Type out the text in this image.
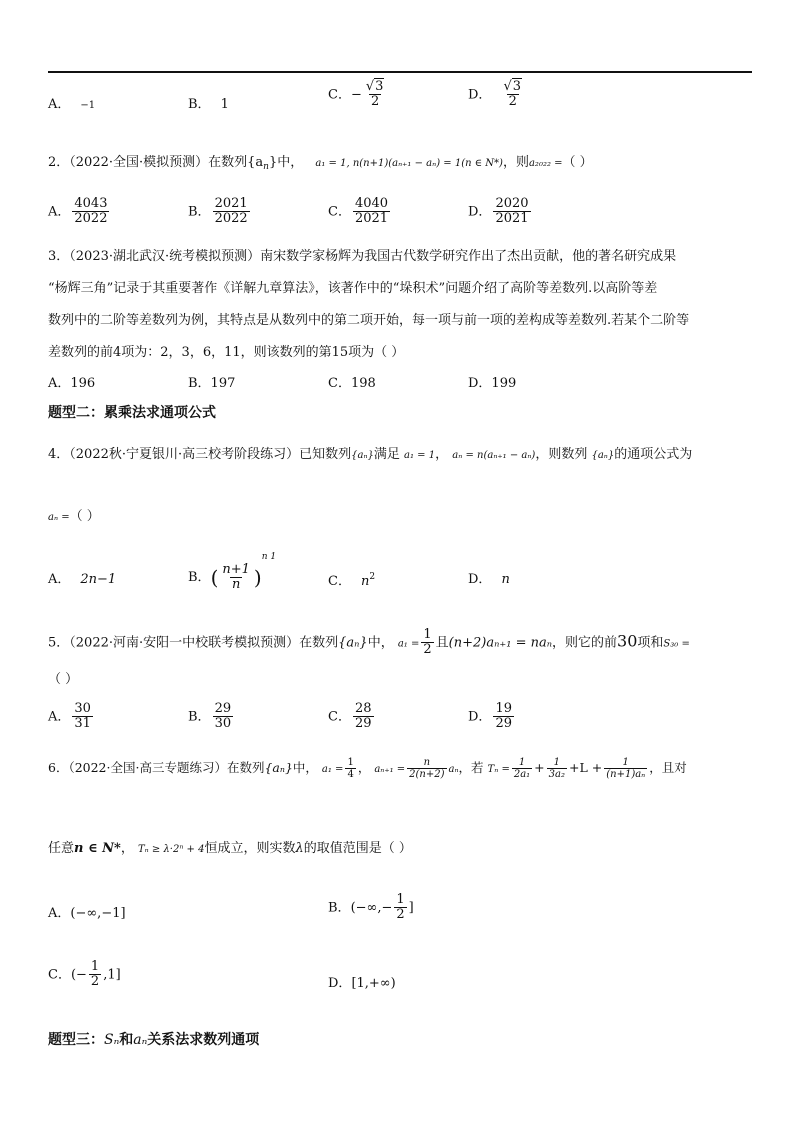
A． −1	B． 1
C．− $\frac{√3}{2}$	D． $\frac{√3}{2}$
2．（2022·全国·模拟预测）在数列$\{a_n\}$中， a₁ = 1, n(n+1)(aₙ₊₁ − aₙ) = 1(n ∈ N*)，则a₂₀₂₂ =（ ）
A． $\frac{4043}{2022}$	B． $\frac{2021}{2022}$	C． $\frac{4040}{2021}$	D． $\frac{2020}{2021}$
3．（2023·湖北武汉·统考模拟预测）南宋数学家杨辉为我国古代数学研究作出了杰出贡献，他的著名研究成果
“杨辉三角”记录于其重要著作《详解九章算法》，该著作中的“垛积术”问题介绍了高阶等差数列.以高阶等差
数列中的二阶等差数列为例，其特点是从数列中的第二项开始，每一项与前一项的差构成等差数列.若某个二阶等
差数列的前4项为：2，3，6，11，则该数列的第15项为（ ）
A．196	B．197	C．198	D．199
题型二：累乘法求通项公式
4．（2022秋·宁夏银川·高三校考阶段练习）已知数列{aₙ}满足 a₁ = 1， aₙ = n(aₙ₊₁ − aₙ)，则数列 {aₙ}的通项公式为
aₙ =（ ）
A． 2n−1	B．( $\frac{n+1}{n} )^{n 1}$
C． $n^2$	D． n
5．（2022·河南·安阳一中校联考模拟预测）在数列{aₙ}中， $a_1 = \frac{1}{2}$ 且(n+2)aₙ₊₁ = naₙ，则它的前30项和S₃₀ =
（ ）
A． $\frac{30}{31}$	B． $\frac{29}{30}$	C． $\frac{28}{29}$	D． $\frac{19}{29}$
6．（2022·全国·高三专题练习）在数列{aₙ}中， $a_1 = \frac{1}{4}$ ， $a_{n+1} = \frac{n}{2(n+2)}$ aₙ，若 $T_n = \frac{1}{\text{2a₁}} + \frac{1}{\text{3a₂}} +L + \frac{1}{\text{(n+1)aₙ}}$ ，且对
任意n ∈ N*， Tₙ ≥ λ·2ⁿ + 4恒成立，则实数λ的取值范围是（ ）
A．(−∞,−1]	B．(−∞,− $\frac{1}{2}$ ]
C．(− $\frac{1}{2} ,1$]
D．[1,+∞)
题型三：Sₙ和aₙ关系法求数列通项
